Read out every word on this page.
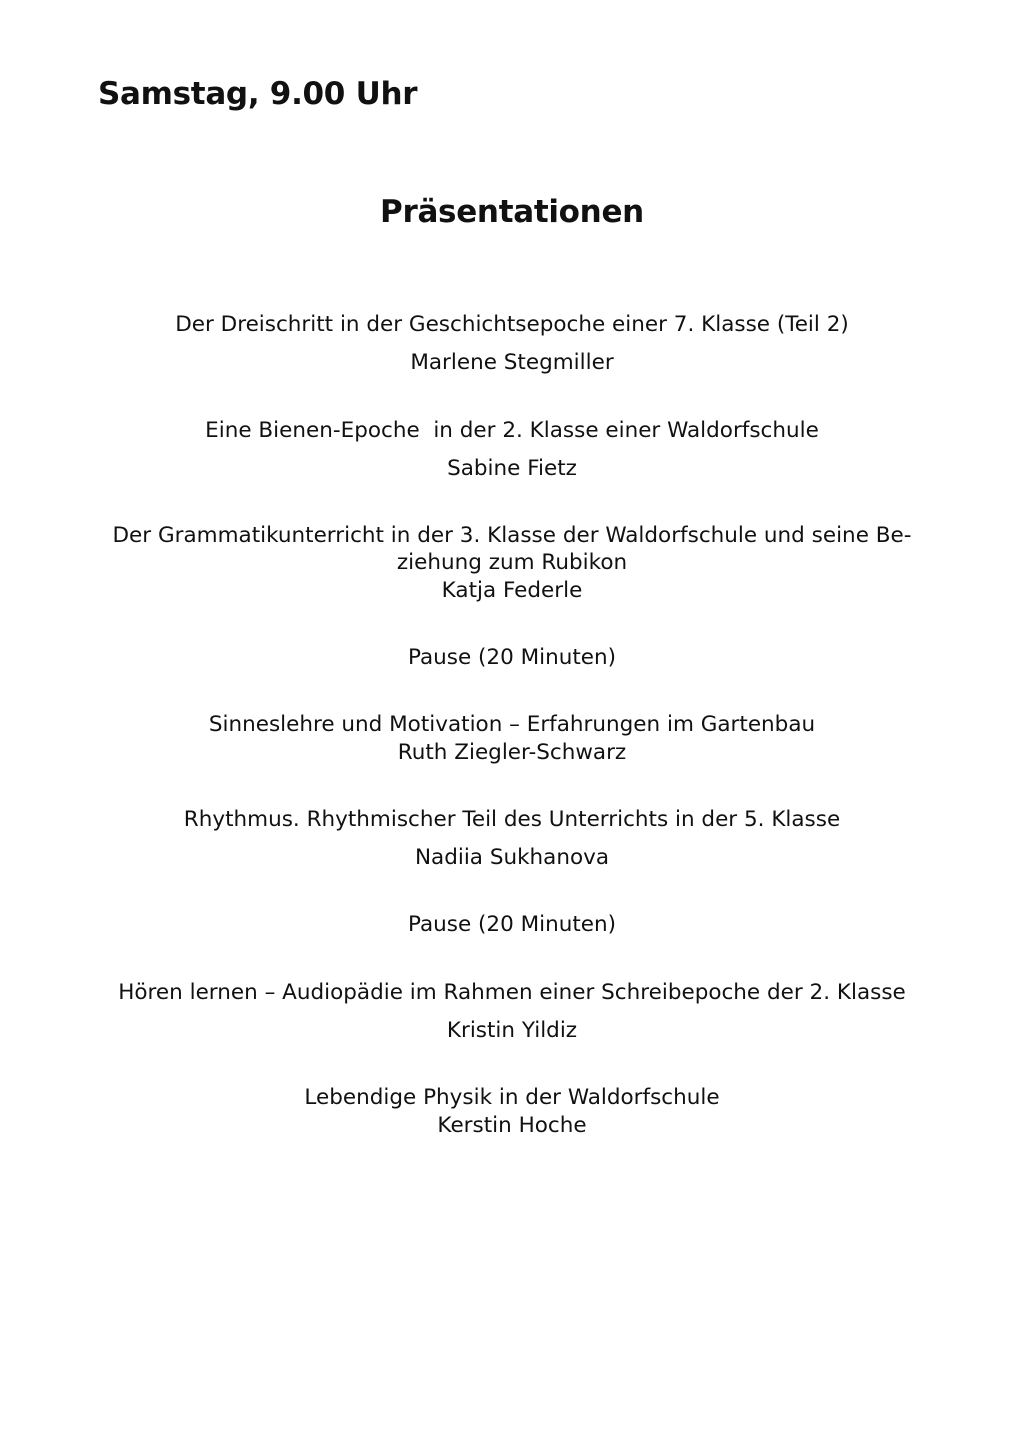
Samstag, 9.00 Uhr
Präsentationen

Der Dreischritt in der Geschichtsepoche einer 7. Klasse (Teil 2)

Marlene Stegmiller

Eine Bienen-Epoche  in der 2. Klasse einer Waldorfschule

Sabine Fietz

Der Grammatikunterricht in der 3. Klasse der Waldorfschule und seine Be-

ziehung zum Rubikon

Katja Federle

Pause (20 Minuten)

Sinneslehre und Motivation – Erfahrungen im Gartenbau

Ruth Ziegler-Schwarz

Rhythmus. Rhythmischer Teil des Unterrichts in der 5. Klasse

Nadiia Sukhanova

Pause (20 Minuten)

Hören lernen – Audiopädie im Rahmen einer Schreibepoche der 2. Klasse

Kristin Yildiz

Lebendige Physik in der Waldorfschule

Kerstin Hoche
